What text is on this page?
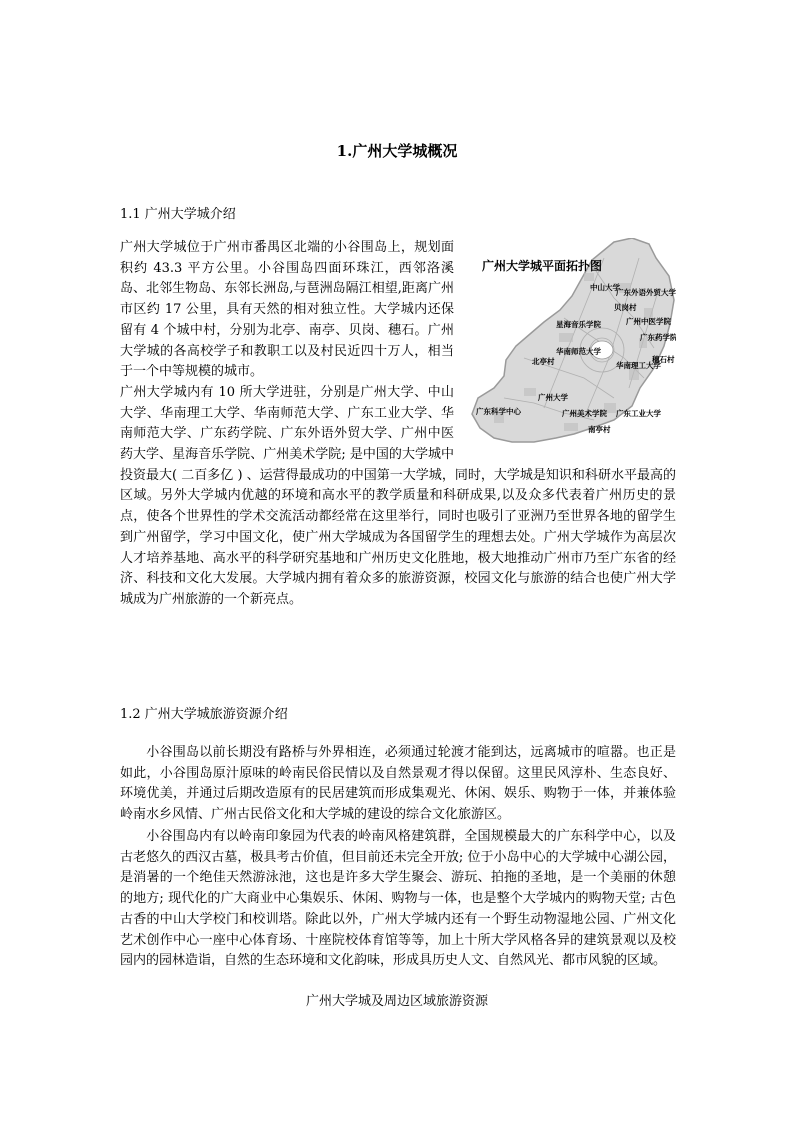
1.广州大学城概况
1.1 广州大学城介绍
广州大学城平面拓扑图
中山大学
广东外语外贸大学
贝岗村
星海音乐学院	广州中医学院
广东药学院
华南师范大学
北亭村	华南理工大学
穗石村
广州大学
广州美术学院 广东工业大学
广东科学中心
南亭村

广州大学城位于广州市番禺区北端的小谷围岛上，规划面积约 43.3 平方公里。小谷围岛四面环珠江，西邻洛溪岛、北邻生物岛、东邻长洲岛,与琶洲岛隔江相望,距离广州市区约 17 公里，具有天然的相对独立性。大学城内还保留有 4 个城中村，分别为北亭、南亭、贝岗、穗石。广州大学城的各高校学子和教职工以及村民近四十万人，相当于一个中等规模的城市。

广州大学城内有 10 所大学进驻，分别是广州大学、中山大学、华南理工大学、华南师范大学、广东工业大学、华南师范大学、广东药学院、广东外语外贸大学、广州中医药大学、星海音乐学院、广州美术学院; 是中国的大学城中投资最大( 二百多亿 ) 、运营得最成功的中国第一大学城，同时，大学城是知识和科研水平最高的区域。另外大学城内优越的环境和高水平的教学质量和科研成果,以及众多代表着广州历史的景点，使各个世界性的学术交流活动都经常在这里举行，同时也吸引了亚洲乃至世界各地的留学生到广州留学，学习中国文化，使广州大学城成为各国留学生的理想去处。广州大学城作为高层次人才培养基地、高水平的科学研究基地和广州历史文化胜地，极大地推动广州市乃至广东省的经济、科技和文化大发展。大学城内拥有着众多的旅游资源，校园文化与旅游的结合也使广州大学城成为广州旅游的一个新亮点。

1.2 广州大学城旅游资源介绍

小谷围岛以前长期没有路桥与外界相连，必须通过轮渡才能到达，远离城市的喧嚣。也正是如此，小谷围岛原汁原味的岭南民俗民情以及自然景观才得以保留。这里民风淳朴、生态良好、环境优美，并通过后期改造原有的民居建筑而形成集观光、休闲、娱乐、购物于一体，并兼体验岭南水乡风情、广州古民俗文化和大学城的建设的综合文化旅游区。

小谷围岛内有以岭南印象园为代表的岭南风格建筑群，全国规模最大的广东科学中心，以及古老悠久的西汉古墓，极具考古价值，但目前还未完全开放; 位于小岛中心的大学城中心湖公园，是消暑的一个绝佳天然游泳池，这也是许多大学生聚会、游玩、拍拖的圣地，是一个美丽的休憩的地方; 现代化的广大商业中心集娱乐、休闲、购物与一体，也是整个大学城内的购物天堂; 古色古香的中山大学校门和校训塔。除此以外，广州大学城内还有一个野生动物湿地公园、广州文化艺术创作中心一座中心体育场、十座院校体育馆等等，加上十所大学风格各异的建筑景观以及校园内的园林造诣，自然的生态环境和文化韵味，形成具历史人文、自然风光、都市风貌的区域。

广州大学城及周边区域旅游资源
